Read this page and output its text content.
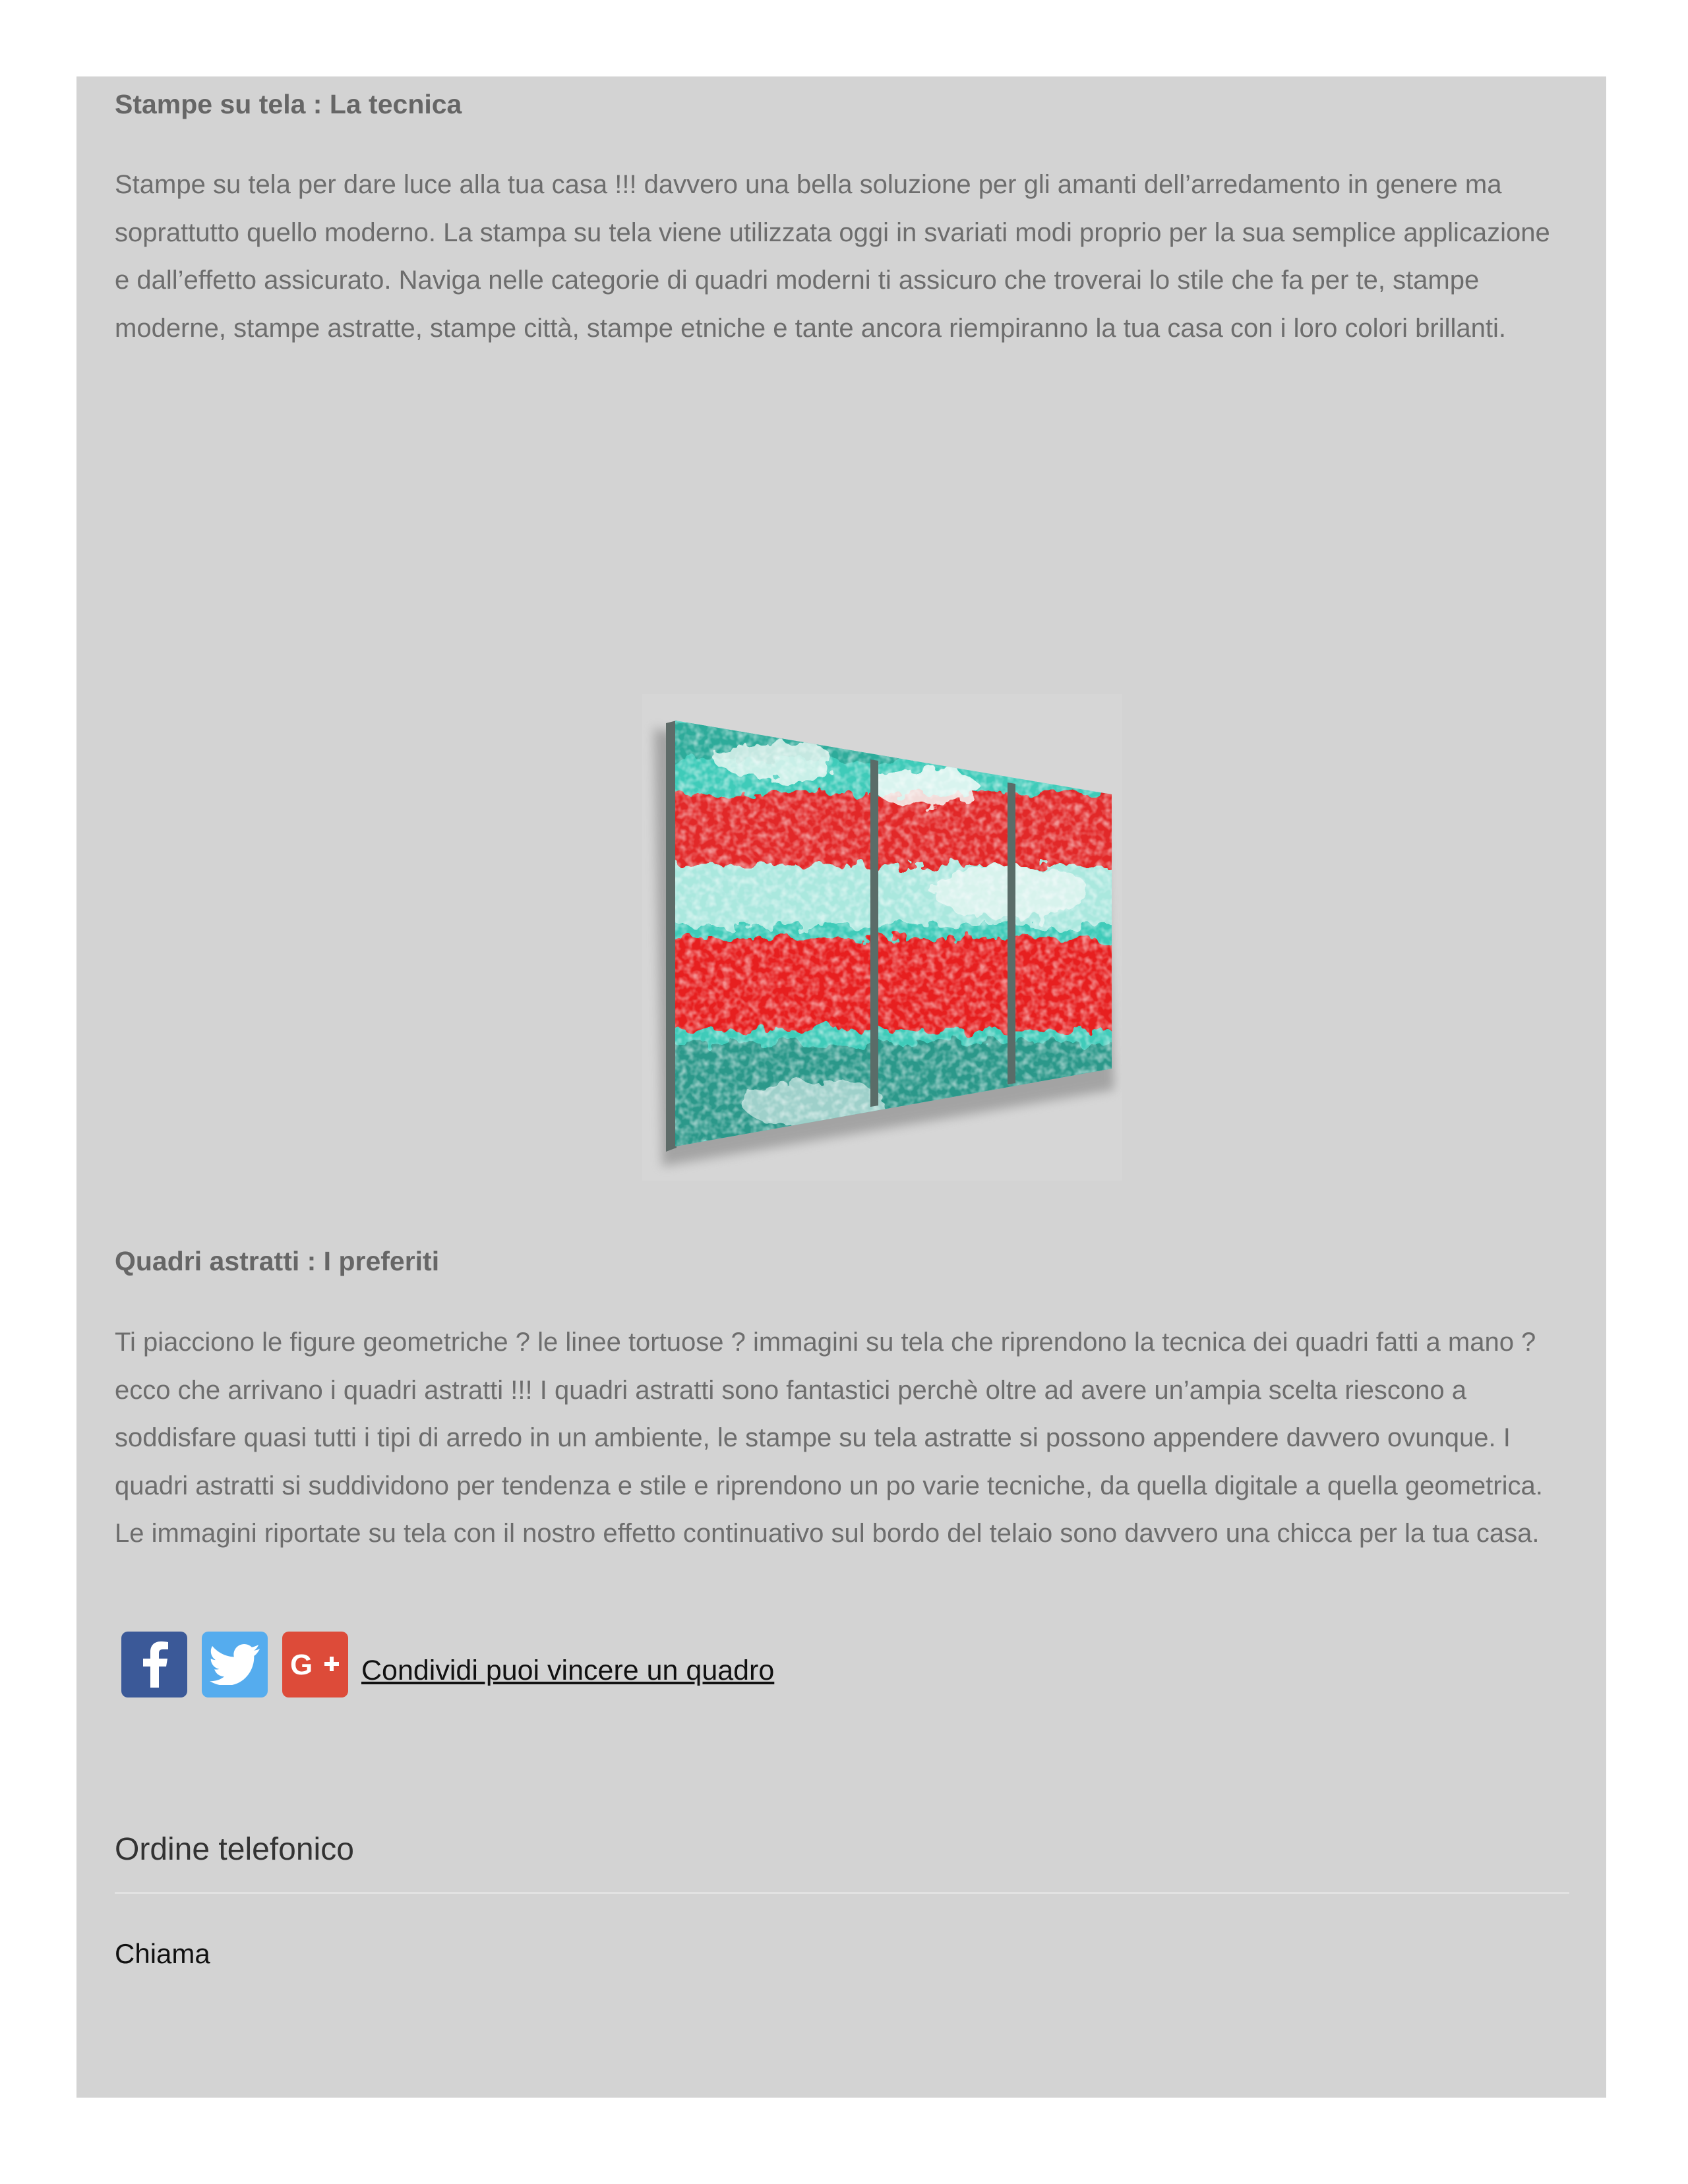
Stampe su tela : La tecnica

Stampe su tela per dare luce alla tua casa !!! davvero una bella soluzione per gli amanti dell’arredamento in genere ma soprattutto quello moderno. La stampa su tela viene utilizzata oggi in svariati modi proprio per la sua semplice applicazione e dall’effetto assicurato. Naviga nelle categorie di quadri moderni ti assicuro che troverai lo stile che fa per te, stampe moderne, stampe astratte, stampe città, stampe etniche e tante ancora riempiranno la tua casa con i loro colori brillanti.

Quadri astratti : I preferiti

Ti piacciono le figure geometriche ? le linee tortuose ? immagini su tela che riprendono la tecnica dei quadri fatti a mano ? ecco che arrivano i quadri astratti !!! I quadri astratti sono fantastici perchè oltre ad avere un’ampia scelta riescono a soddisfare quasi tutti i tipi di arredo in un ambiente, le stampe su tela astratte si possono appendere davvero ovunque. I quadri astratti si suddividono per tendenza e stile e riprendono un po varie tecniche, da quella digitale a quella geometrica. Le immagini riportate su tela con il nostro effetto continuativo sul bordo del telaio sono davvero una chicca per la tua casa.

G Condividi puoi vincere un quadro
Ordine telefonico
Chiama
